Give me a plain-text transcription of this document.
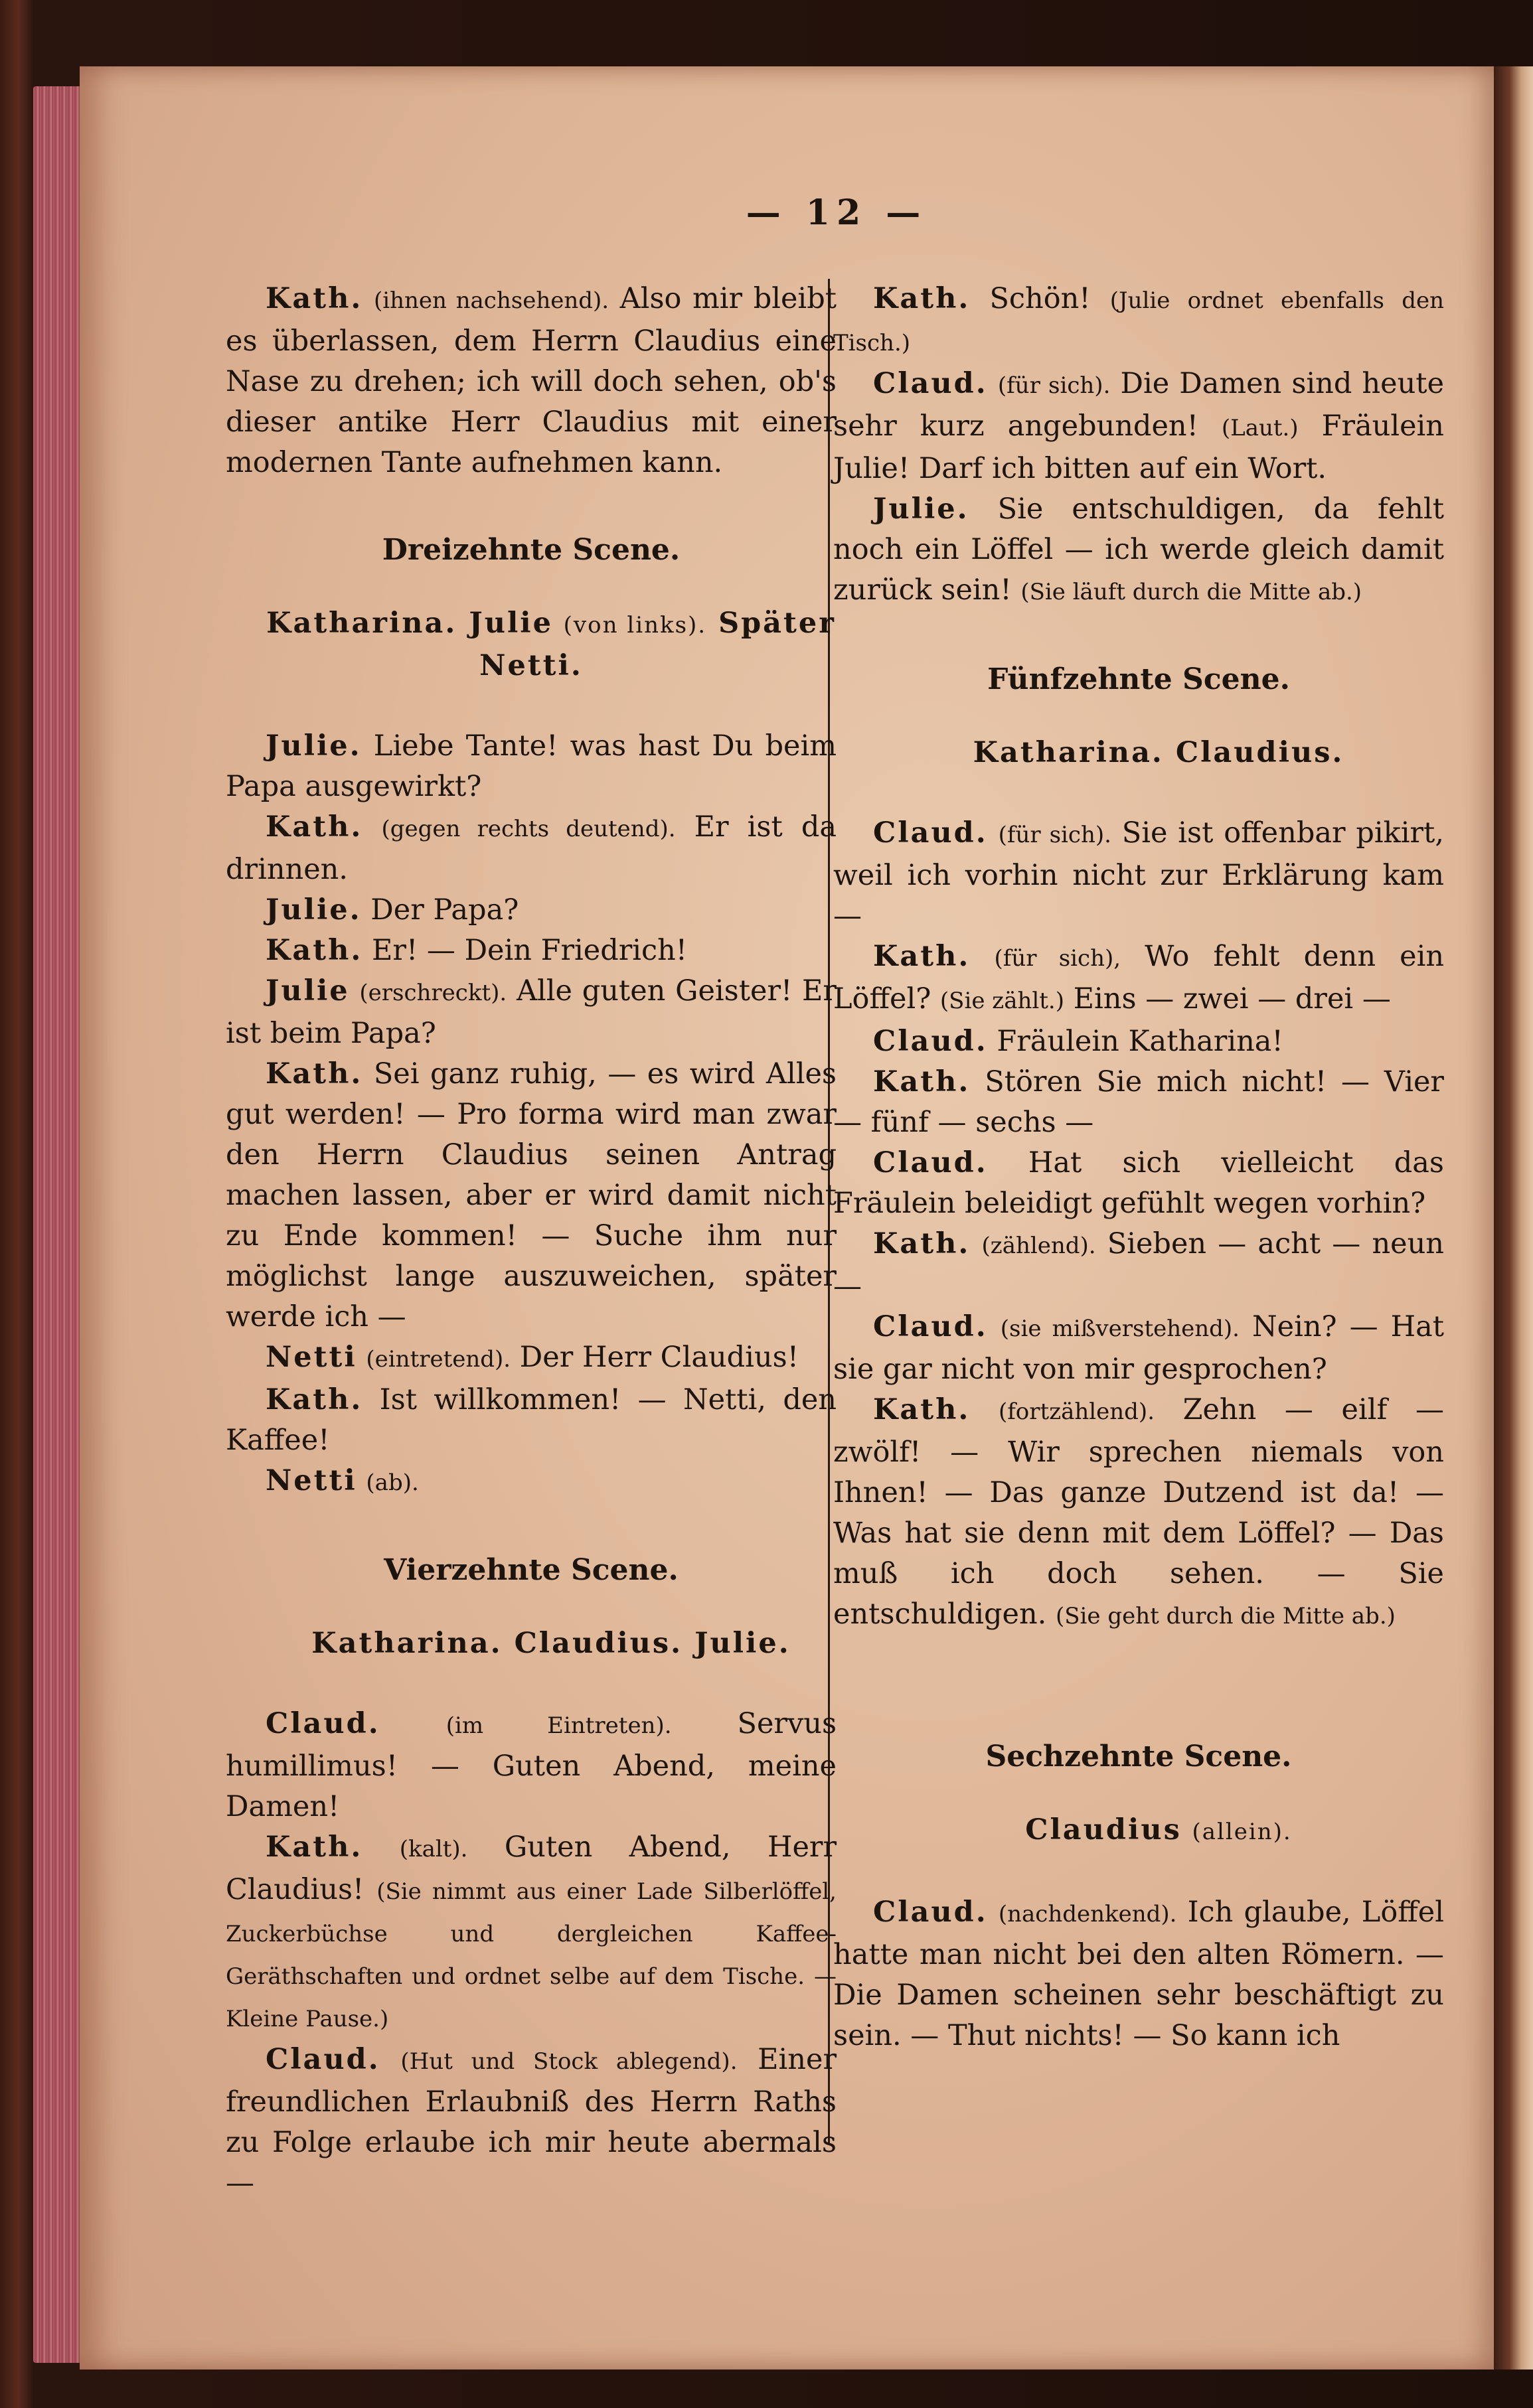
— 12 —

Kath. (ihnen nachsehend). Also mir bleibt es überlassen, dem Herrn Claudius eine Nase zu drehen; ich will doch sehen, ob's dieser antike Herr Claudius mit einer modernen Tante aufnehmen kann.

Dreizehnte Scene.

Katharina. Julie (von links). Später Netti.

Julie. Liebe Tante! was hast Du beim Papa ausgewirkt?

Kath. (gegen rechts deutend). Er ist da drinnen.

Julie. Der Papa?

Kath. Er! — Dein Friedrich!

Julie (erschreckt). Alle guten Geister! Er ist beim Papa?

Kath. Sei ganz ruhig, — es wird Alles gut werden! — Pro forma wird man zwar den Herrn Claudius seinen Antrag machen lassen, aber er wird damit nicht zu Ende kommen! — Suche ihm nur möglichst lange auszuweichen, später werde ich —

Netti (eintretend). Der Herr Claudius!

Kath. Ist willkommen! — Netti, den Kaffee!

Netti (ab).

Vierzehnte Scene.

Katharina. Claudius. Julie.

Claud.	(im Eintreten). Servus humillimus! — Guten Abend, meine Damen!

Kath. (kalt). Guten Abend, Herr Claudius! (Sie nimmt aus einer Lade Silberlöffel, Zuckerbüchse und dergleichen Kaffee-Geräthschaften und ordnet selbe auf dem Tische. — Kleine Pause.)

Claud. (Hut und Stock ablegend). Einer freundlichen Erlaubniß des Herrn Raths zu Folge erlaube ich mir heute abermals—

Kath. Schön! (Julie ordnet ebenfalls den Tisch.)

Claud. (für sich). Die Damen sind heute sehr kurz angebunden! (Laut.) Fräulein Julie! Darf ich bitten auf ein Wort.

Julie. Sie entschuldigen, da fehlt noch ein Löffel — ich werde gleich damit zurück sein! (Sie läuft durch die Mitte ab.)

Fünfzehnte Scene.

Katharina. Claudius.

Claud. (für sich). Sie ist offenbar pikirt, weil ich vorhin nicht zur Erklärung kam —

Kath. (für sich), Wo fehlt denn ein Löffel? (Sie zählt.) Eins — zwei — drei —

Claud. Fräulein Katharina!

Kath. Stören Sie mich nicht! — Vier — fünf — sechs —

Claud. Hat sich vielleicht das Fräulein beleidigt gefühlt wegen vorhin?

Kath. (zählend). Sieben — acht — neun —

Claud. (sie mißverstehend). Nein? — Hat sie gar nicht von mir gesprochen?

Kath. (fortzählend). Zehn — eilf — zwölf! — Wir sprechen niemals von Ihnen! — Das ganze Dutzend ist da! — Was hat sie denn mit dem Löffel? — Das muß ich doch sehen. — Sie entschuldigen. (Sie geht durch die Mitte ab.)

Sechzehnte Scene.

Claudius (allein).

Claud. (nachdenkend). Ich glaube, Löffel hatte man nicht bei den alten Römern. — Die Damen scheinen sehr beschäftigt zu sein. — Thut nichts! — So kann ich
